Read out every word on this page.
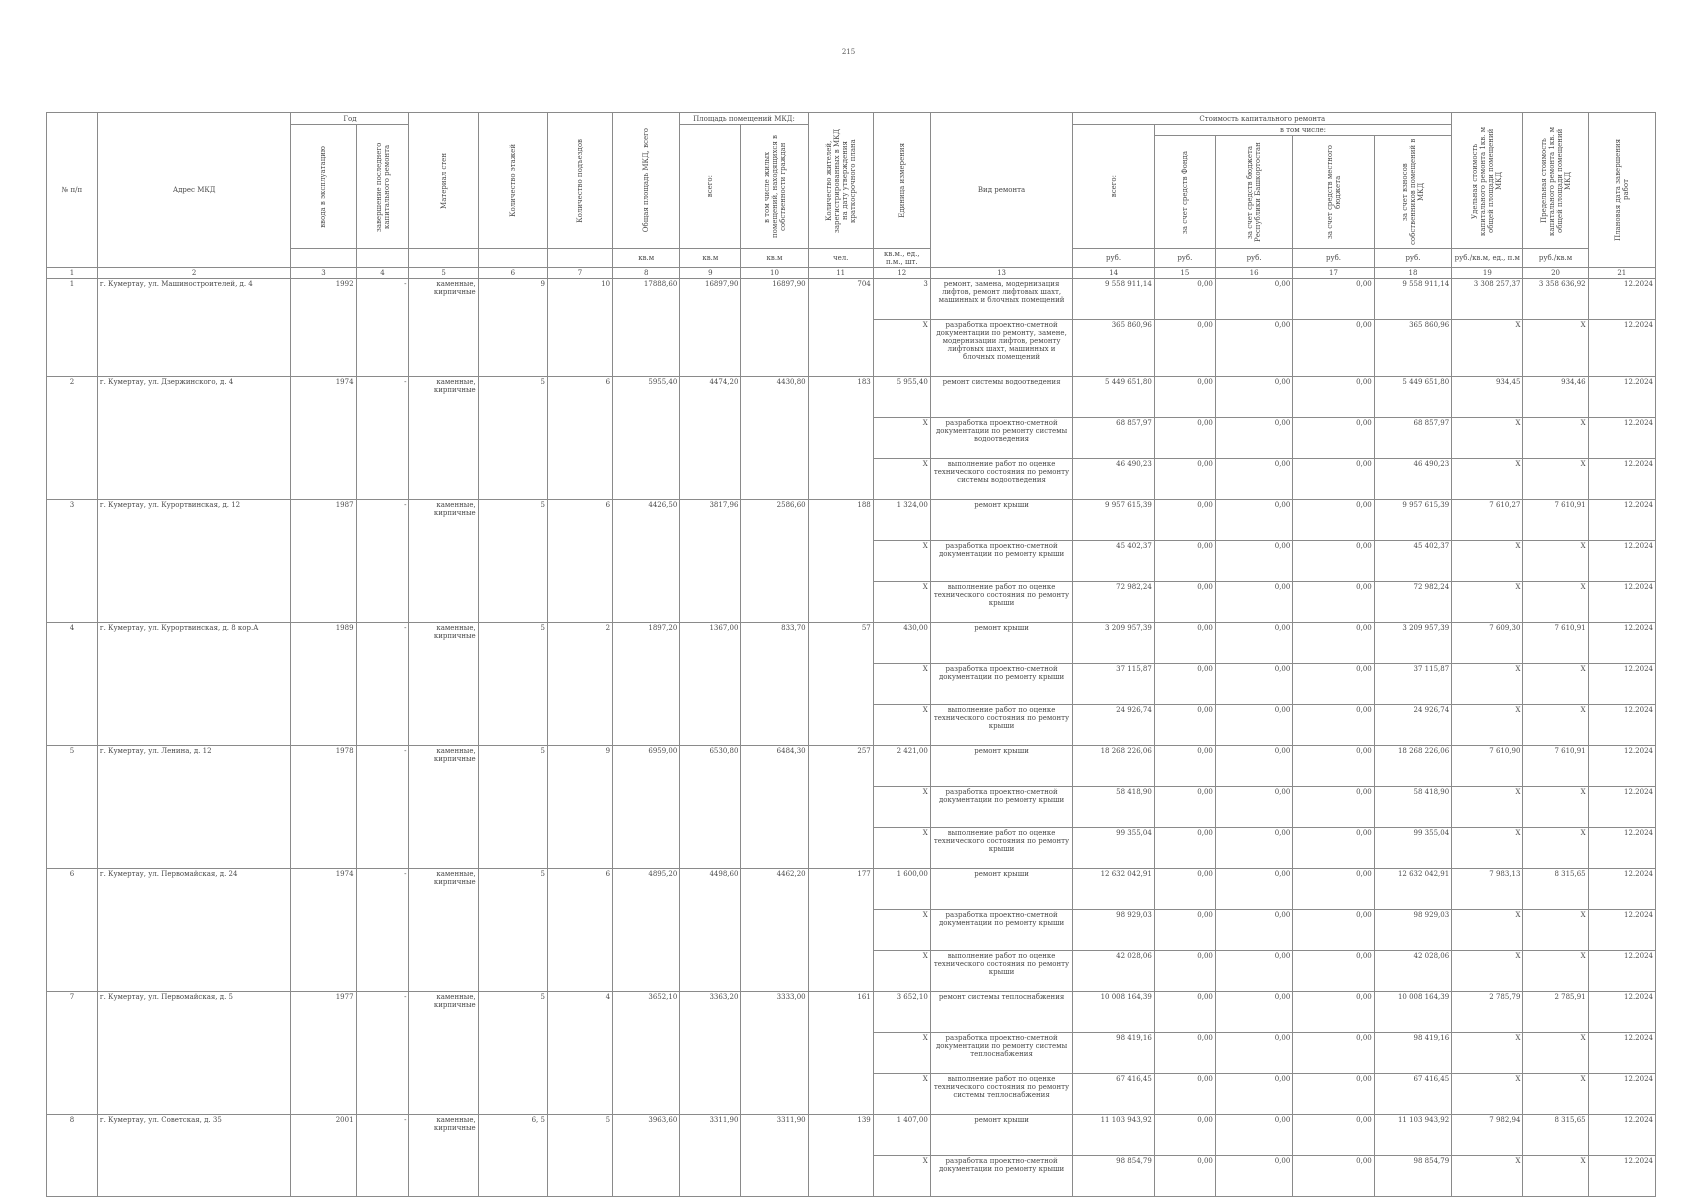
215
№ п/п	Адрес МКД	Год		Материал стен	Количество этажей	Количество подъездов	Общая площадь МКД, всего	Площадь помещений МКД:		Количество жителей, зарегистрированных в МКД на дату утверждения краткосрочного плана	Единица измерения	Вид ремонта	Стоимость капитального ремонта					Удельная стоимость капитального ремонта 1кв. м общей площади помещений МКД	Предельная стоимость капитального ремонта 1кв. м общей площади помещений МКД	Плановая дата завершения работ

		ввода в эксплуатацию	завершение последнего капитального ремонта					всего:	в том числе жилых помещений, находящихся в собственности граждан				всего:	в том числе:						

														за счет средств Фонда	за счет средств бюджета Республики Башкортостан	за счет средств местного бюджета	за счет взносов собственников помещений в МКД			

							кв.м	кв.м	кв.м	чел.	кв.м., ед., п.м., шт.		руб.	руб.	руб.	руб.	руб.	руб./кв.м, ед., п.м	руб./кв.м	
1	2	3	4	5	6	7	8	9	10	11	12	13	14	15	16	17	18	19	20	21
1	г. Кумертау, ул. Машиностроителей, д. 4	1992	-	каменные, кирпичные	9	10	17888,60	16897,90	16897,90	704	3	ремонт, замена, модернизация лифтов, ремонт лифтовых шахт, машинных и блочных помещений	9 558 911,14	0,00	0,00	0,00	9 558 911,14	3 308 257,37	3 358 636,92	12.2024
											X	разработка проектно-сметной документации по ремонту, замене, модернизации лифтов, ремонту лифтовых шахт, машинных и блочных помещений	365 860,96	0,00	0,00	0,00	365 860,96	X	X	12.2024
2	г. Кумертау, ул. Дзержинского, д. 4	1974	-	каменные, кирпичные	5	6	5955,40	4474,20	4430,80	183	5 955,40	ремонт системы водоотведения	5 449 651,80	0,00	0,00	0,00	5 449 651,80	934,45	934,46	12.2024
											X	разработка проектно-сметной документации по ремонту системы водоотведения	68 857,97	0,00	0,00	0,00	68 857,97	X	X	12.2024
											X	выполнение работ по оценке технического состояния по ремонту системы водоотведения	46 490,23	0,00	0,00	0,00	46 490,23	X	X	12.2024
3	г. Кумертау, ул. Курортвинская, д. 12	1987	-	каменные, кирпичные	5	6	4426,50	3817,96	2586,60	188	1 324,00	ремонт крыши	9 957 615,39	0,00	0,00	0,00	9 957 615,39	7 610,27	7 610,91	12.2024
											X	разработка проектно-сметной документации по ремонту крыши	45 402,37	0,00	0,00	0,00	45 402,37	X	X	12.2024
											X	выполнение работ по оценке технического состояния по ремонту крыши	72 982,24	0,00	0,00	0,00	72 982,24	X	X	12.2024
4	г. Кумертау, ул. Курортвинская, д. 8 кор.А	1989	-	каменные, кирпичные	5	2	1897,20	1367,00	833,70	57	430,00	ремонт крыши	3 209 957,39	0,00	0,00	0,00	3 209 957,39	7 609,30	7 610,91	12.2024
											X	разработка проектно-сметной документации по ремонту крыши	37 115,87	0,00	0,00	0,00	37 115,87	X	X	12.2024
											X	выполнение работ по оценке технического состояния по ремонту крыши	24 926,74	0,00	0,00	0,00	24 926,74	X	X	12.2024
5	г. Кумертау, ул. Ленина, д. 12	1978	-	каменные, кирпичные	5	9	6959,00	6530,80	6484,30	257	2 421,00	ремонт крыши	18 268 226,06	0,00	0,00	0,00	18 268 226,06	7 610,90	7 610,91	12.2024
											X	разработка проектно-сметной документации по ремонту крыши	58 418,90	0,00	0,00	0,00	58 418,90	X	X	12.2024
											X	выполнение работ по оценке технического состояния по ремонту крыши	99 355,04	0,00	0,00	0,00	99 355,04	X	X	12.2024
6	г. Кумертау, ул. Первомайская, д. 24	1974	-	каменные, кирпичные	5	6	4895,20	4498,60	4462,20	177	1 600,00	ремонт крыши	12 632 042,91	0,00	0,00	0,00	12 632 042,91	7 983,13	8 315,65	12.2024
											X	разработка проектно-сметной документации по ремонту крыши	98 929,03	0,00	0,00	0,00	98 929,03	X	X	12.2024
											X	выполнение работ по оценке технического состояния по ремонту крыши	42 028,06	0,00	0,00	0,00	42 028,06	X	X	12.2024
7	г. Кумертау, ул. Первомайская, д. 5	1977	-	каменные, кирпичные	5	4	3652,10	3363,20	3333,00	161	3 652,10	ремонт системы теплоснабжения	10 008 164,39	0,00	0,00	0,00	10 008 164,39	2 785,79	2 785,91	12.2024
											X	разработка проектно-сметной документации по ремонту системы теплоснабжения	98 419,16	0,00	0,00	0,00	98 419,16	X	X	12.2024
											X	выполнение работ по оценке технического состояния по ремонту системы теплоснабжения	67 416,45	0,00	0,00	0,00	67 416,45	X	X	12.2024
8	г. Кумертау, ул. Советская, д. 35	2001	-	каменные, кирпичные	6, 5	5	3963,60	3311,90	3311,90	139	1 407,00	ремонт крыши	11 103 943,92	0,00	0,00	0,00	11 103 943,92	7 982,94	8 315,65	12.2024
											X	разработка проектно-сметной документации по ремонту крыши	98 854,79	0,00	0,00	0,00	98 854,79	X	X	12.2024
